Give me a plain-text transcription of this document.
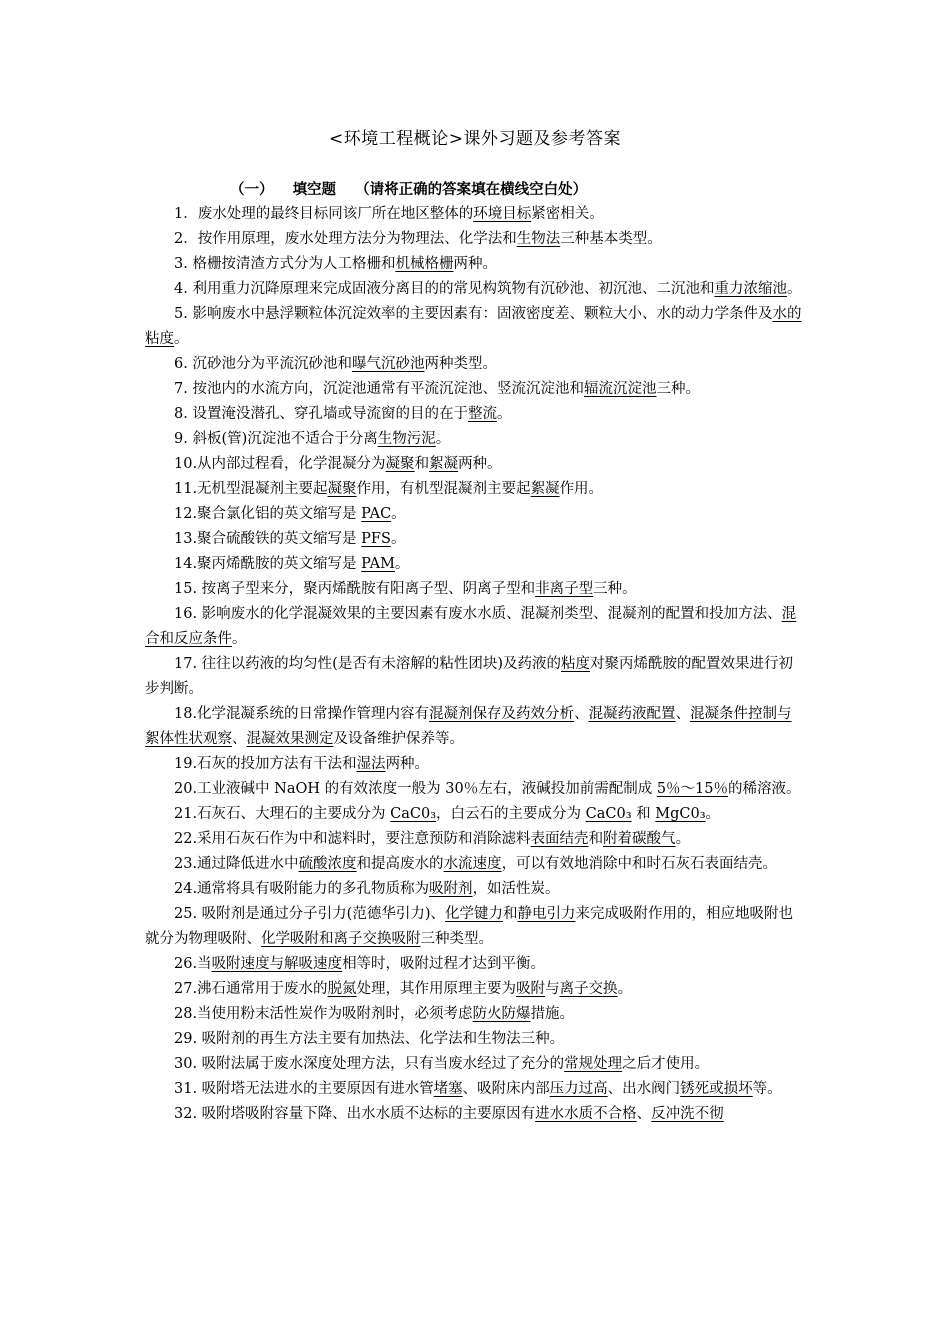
<环境工程概论>课外习题及参考答案
（一） 填空题 （请将正确的答案填在横线空白处）

1．废水处理的最终目标同该厂所在地区整体的环境目标紧密相关。

2．按作用原理，废水处理方法分为物理法、化学法和生物法三种基本类型。

3. 格栅按清渣方式分为人工格栅和机械格栅两种。

4. 利用重力沉降原理来完成固液分离目的的常见构筑物有沉砂池、初沉池、二沉池和重力浓缩池。

5. 影响废水中悬浮颗粒体沉淀效率的主要因素有：固液密度差、颗粒大小、水的动力学条件及水的粘度。

6. 沉砂池分为平流沉砂池和曝气沉砂池两种类型。

7. 按池内的水流方向，沉淀池通常有平流沉淀池、竖流沉淀池和辐流沉淀池三种。

8. 设置淹没潜孔、穿孔墙或导流窗的目的在于整流。

9. 斜板(管)沉淀池不适合于分离生物污泥。

10.从内部过程看，化学混凝分为凝聚和絮凝两种。

11.无机型混凝剂主要起凝聚作用，有机型混凝剂主要起絮凝作用。

12.聚合氯化铝的英文缩写是 PAC。

13.聚合硫酸铁的英文缩写是 PFS。

14.聚丙烯酰胺的英文缩写是 PAM。

15. 按离子型来分，聚丙烯酰胺有阳离子型、阴离子型和非离子型三种。

16. 影响废水的化学混凝效果的主要因素有废水水质、混凝剂类型、混凝剂的配置和投加方法、混合和反应条件。

17. 往往以药液的均匀性(是否有未溶解的粘性团块)及药液的粘度对聚丙烯酰胺的配置效果进行初步判断。

18.化学混凝系统的日常操作管理内容有混凝剂保存及药效分析、混凝药液配置、混凝条件控制与絮体性状观察、混凝效果测定及设备维护保养等。

19.石灰的投加方法有干法和湿法两种。

20.工业液碱中 NaOH 的有效浓度一般为 30％左右，液碱投加前需配制成 5％～15％的稀溶液。

21.石灰石、大理石的主要成分为 CaC0₃，白云石的主要成分为 CaC0₃ 和 MgC0₃。

22.采用石灰石作为中和滤料时，要注意预防和消除滤料表面结壳和附着碳酸气。

23.通过降低进水中硫酸浓度和提高废水的水流速度，可以有效地消除中和时石灰石表面结壳。

24.通常将具有吸附能力的多孔物质称为吸附剂，如活性炭。

25. 吸附剂是通过分子引力(范德华引力)、化学键力和静电引力来完成吸附作用的，相应地吸附也就分为物理吸附、化学吸附和离子交换吸附三种类型。

26.当吸附速度与解吸速度相等时，吸附过程才达到平衡。

27.沸石通常用于废水的脱氮处理，其作用原理主要为吸附与离子交换。

28.当使用粉末活性炭作为吸附剂时，必须考虑防火防爆措施。

29. 吸附剂的再生方法主要有加热法、化学法和生物法三种。

30. 吸附法属于废水深度处理方法，只有当废水经过了充分的常规处理之后才使用。

31. 吸附塔无法进水的主要原因有进水管堵塞、吸附床内部压力过高、出水阀门锈死或损坏等。

32. 吸附塔吸附容量下降、出水水质不达标的主要原因有进水水质不合格、反冲洗不彻
